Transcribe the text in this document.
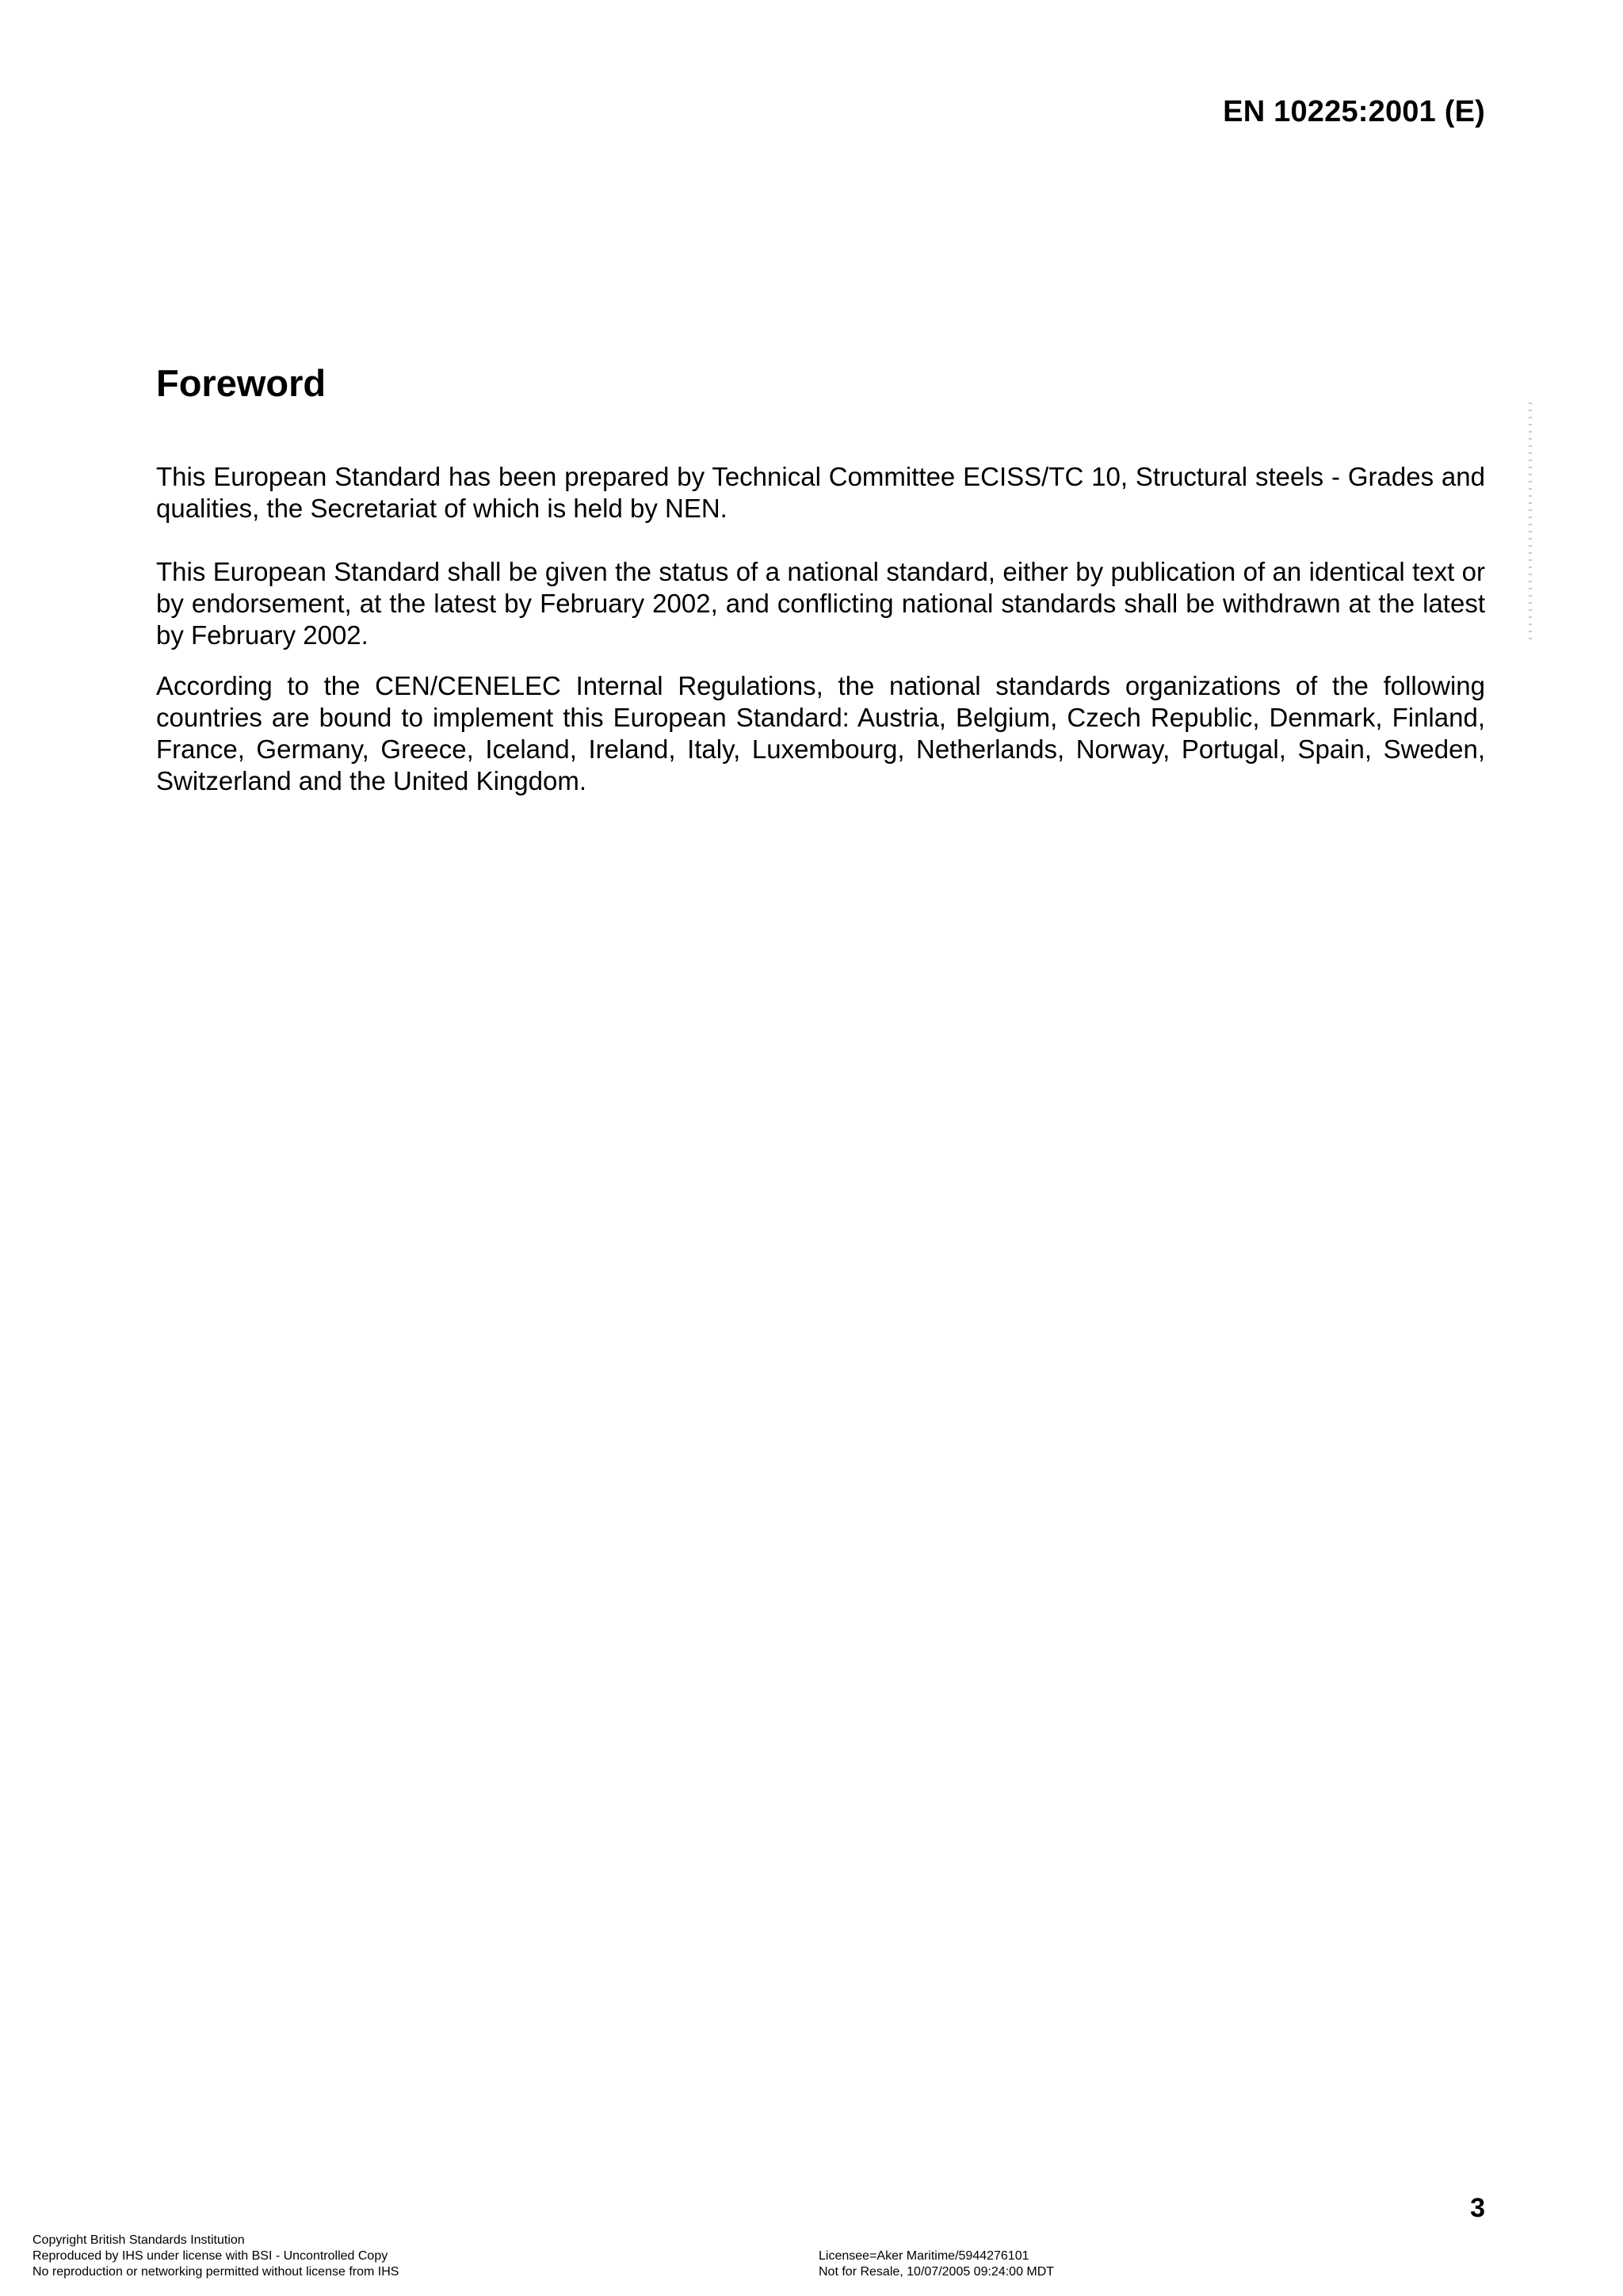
EN 10225:2001 (E)
Foreword

This European Standard has been prepared by Technical Committee ECISS/TC 10, Structural steels - Grades and qualities, the Secretariat of which is held by NEN.

This European Standard shall be given the status of a national standard, either by publication of an identical text or by endorsement, at the latest by February 2002, and conflicting national standards shall be withdrawn at the latest by February 2002.

According to the CEN/CENELEC Internal Regulations, the national standards organizations of the following countries are bound to implement this European Standard: Austria, Belgium, Czech Republic, Denmark, Finland, France, Germany, Greece, Iceland, Ireland, Italy, Luxembourg, Netherlands, Norway, Portugal, Spain, Sweden, Switzerland and the United Kingdom.

3
Copyright British Standards Institution
Reproduced by IHS under license with BSI - Uncontrolled Copy
No reproduction or networking permitted without license from IHS
Licensee=Aker Maritime/5944276101
Not for Resale, 10/07/2005 09:24:00 MDT
